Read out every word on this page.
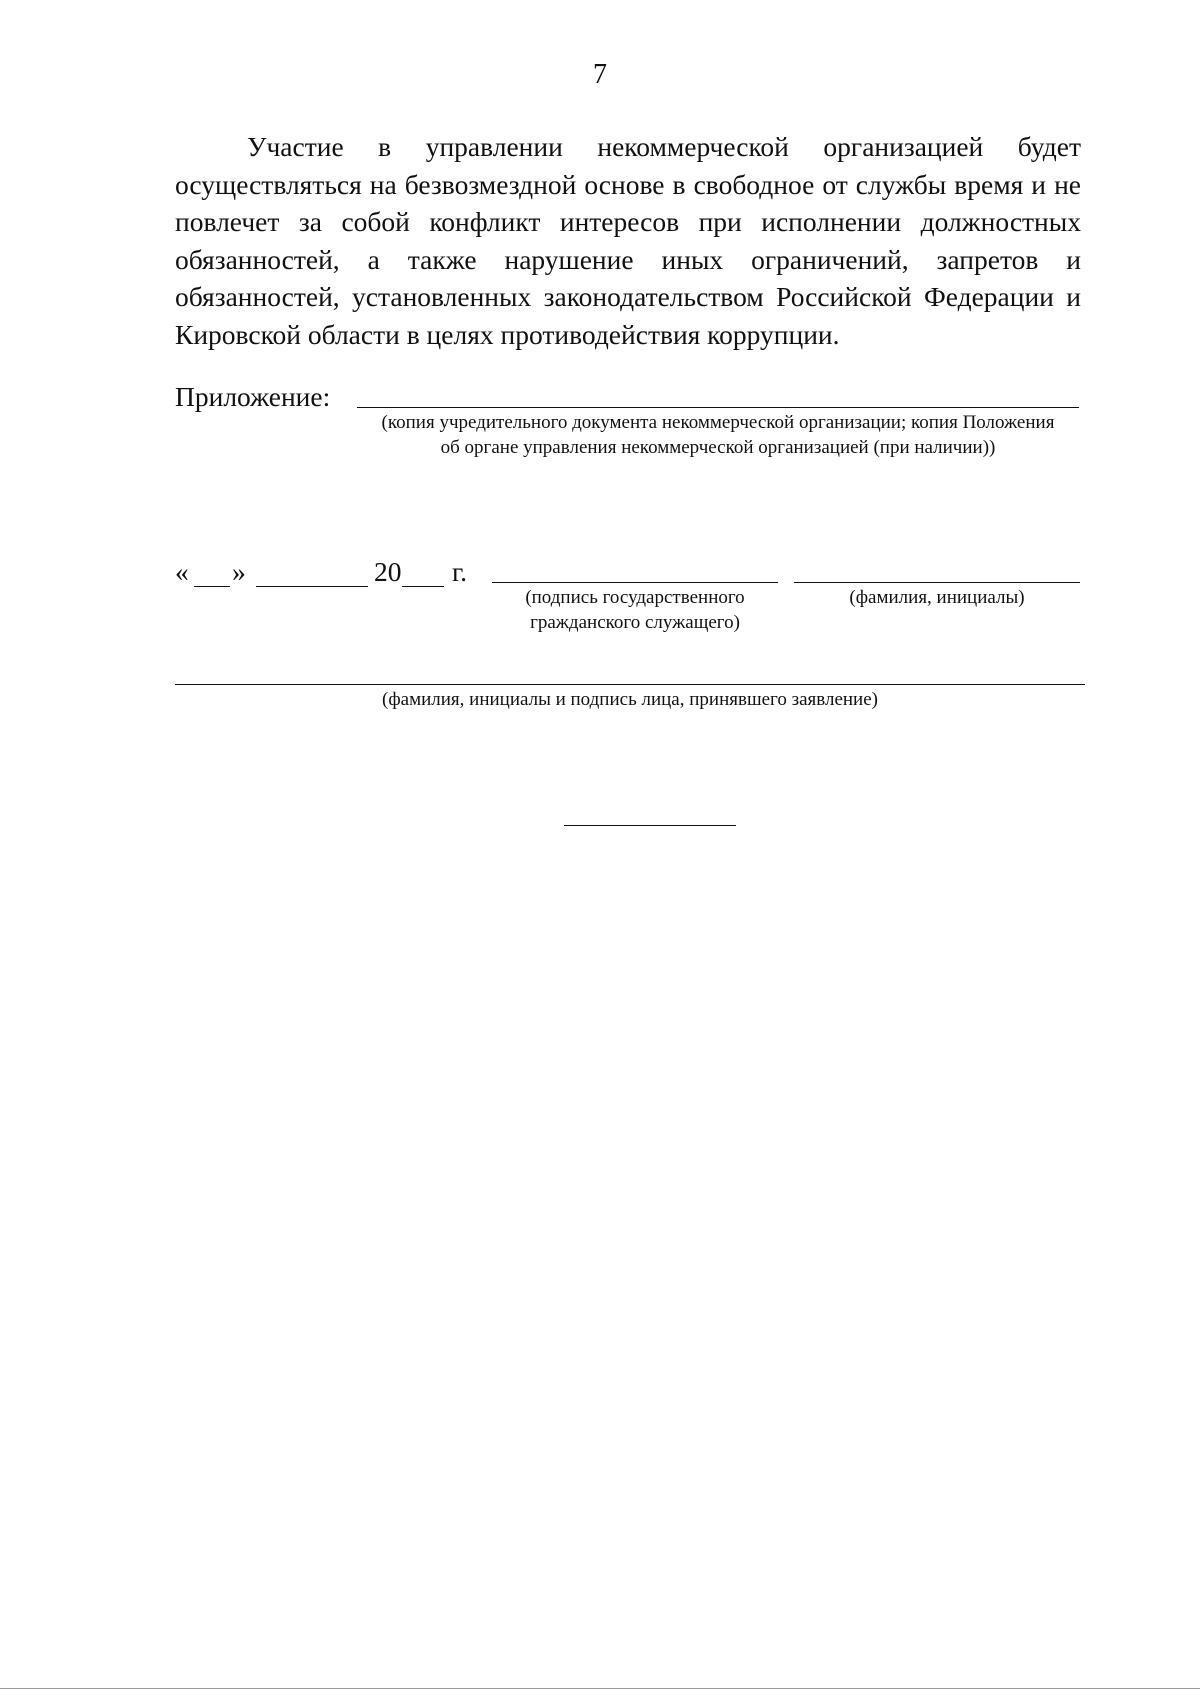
7

Участие в управлении некоммерческой организацией будет осуществляться на безвозмездной основе в свободное от службы время и не повлечет за собой конфликт интересов при исполнении должностных обязанностей, а также нарушение иных ограничений, запретов и обязанностей, установленных законодательством Российской Федерации и Кировской области в целях противодействия коррупции.

Приложение:
(копия учредительного документа некоммерческой организации; копия Положения
об органе управления некоммерческой организацией (при наличии))
« »	20 г.
(подпись государственного
гражданского служащего)
(фамилия, инициалы)
(фамилия, инициалы и подпись лица, принявшего заявление)
